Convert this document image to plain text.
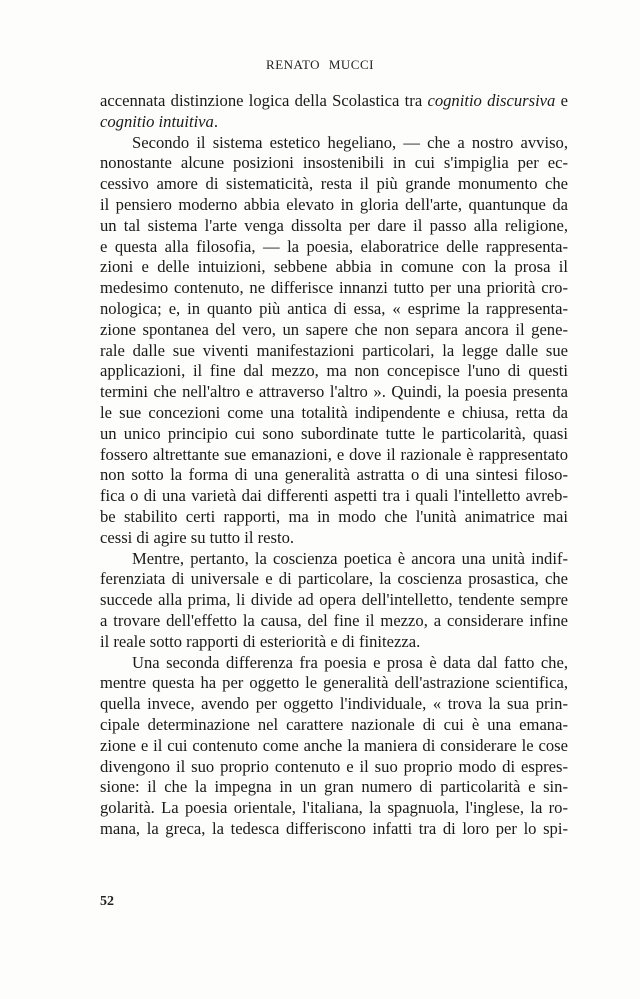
RENATO MUCCI
accennata distinzione logica della Scolastica tra cognitio discursiva e
cognitio intuitiva.
Secondo il sistema estetico hegeliano, — che a nostro avviso,
nonostante alcune posizioni insostenibili in cui s'impiglia per ec-
cessivo amore di sistematicità, resta il più grande monumento che
il pensiero moderno abbia elevato in gloria dell'arte, quantunque da
un tal sistema l'arte venga dissolta per dare il passo alla religione,
e questa alla filosofia, — la poesia, elaboratrice delle rappresenta-
zioni e delle intuizioni, sebbene abbia in comune con la prosa il
medesimo contenuto, ne differisce innanzi tutto per una priorità cro-
nologica; e, in quanto più antica di essa, « esprime la rappresenta-
zione spontanea del vero, un sapere che non separa ancora il gene-
rale dalle sue viventi manifestazioni particolari, la legge dalle sue
applicazioni, il fine dal mezzo, ma non concepisce l'uno di questi
termini che nell'altro e attraverso l'altro ». Quindi, la poesia presenta
le sue concezioni come una totalità indipendente e chiusa, retta da
un unico principio cui sono subordinate tutte le particolarità, quasi
fossero altrettante sue emanazioni, e dove il razionale è rappresentato
non sotto la forma di una generalità astratta o di una sintesi filoso-
fica o di una varietà dai differenti aspetti tra i quali l'intelletto avreb-
be stabilito certi rapporti, ma in modo che l'unità animatrice mai
cessi di agire su tutto il resto.
Mentre, pertanto, la coscienza poetica è ancora una unità indif-
ferenziata di universale e di particolare, la coscienza prosastica, che
succede alla prima, li divide ad opera dell'intelletto, tendente sempre
a trovare dell'effetto la causa, del fine il mezzo, a considerare infine
il reale sotto rapporti di esteriorità e di finitezza.
Una seconda differenza fra poesia e prosa è data dal fatto che,
mentre questa ha per oggetto le generalità dell'astrazione scientifica,
quella invece, avendo per oggetto l'individuale, « trova la sua prin-
cipale determinazione nel carattere nazionale di cui è una emana-
zione e il cui contenuto come anche la maniera di considerare le cose
divengono il suo proprio contenuto e il suo proprio modo di espres-
sione: il che la impegna in un gran numero di particolarità e sin-
golarità. La poesia orientale, l'italiana, la spagnuola, l'inglese, la ro-
mana, la greca, la tedesca differiscono infatti tra di loro per lo spi-
52
